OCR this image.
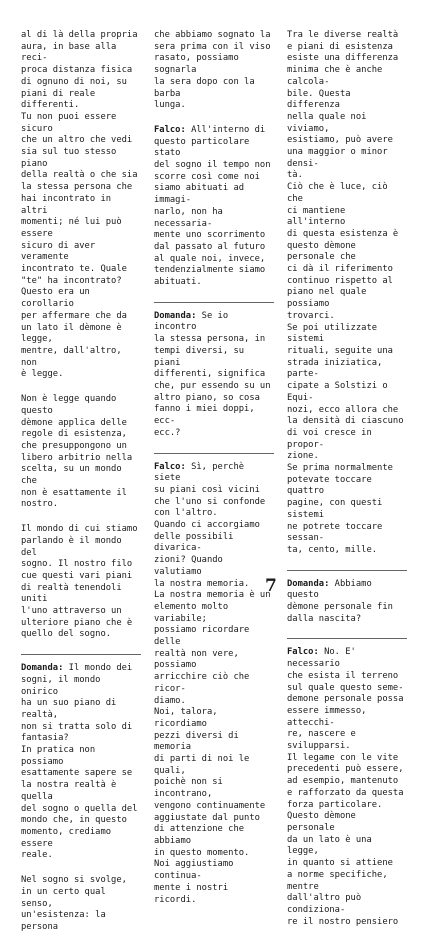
al di là della propria
aura, in base alla reci-
proca distanza fisica
di ognuno di noi, su
piani di reale differenti.
Tu non puoi essere sicuro
che un altro che vedi
sia sul tuo stesso piano
della realtà o che sia
la stessa persona che
hai incontrato in altri
momenti; né lui può essere
sicuro di aver veramente
incontrato te. Quale
"te" ha incontrato?
Questo era un corollario
per affermare che da
un lato il dèmone è legge,
mentre, dall'altro, non
è legge.

Non è legge quando questo
dèmone applica delle
regole di esistenza,
che presuppongono un
libero arbitrio nella
scelta, su un mondo che
non è esattamente il
nostro.

Il mondo di cui stiamo
parlando è il mondo del
sogno. Il nostro filo
cue questi vari piani
di realtà tenendoli uniti
l'uno attraverso un
ulteriore piano che è
quello del sogno.

Domanda: Il mondo dei
sogni, il mondo onirico
ha un suo piano di realtà,
non si tratta solo di
fantasia?

In pratica non possiamo
esattamente sapere se
la nostra realtà è quella
del sogno o quella del
mondo che, in questo
momento, crediamo essere
reale.

Nel sogno si svolge,
in un certo qual senso,
un'esistenza: la persona

che abbiamo sognato la
sera prima con il viso
rasato, possiamo sognarla
la sera dopo con la barba
lunga.

Falco: All'interno di
questo particolare stato
del sogno il tempo non
scorre così come noi
siamo abituati ad immagi-
narlo, non ha necessaria-
mente uno scorrimento
dal passato al futuro
al quale noi, invece,
tendenzialmente siamo
abituati.

Domanda: Se io incontro
la stessa persona, in
tempi diversi, su piani
differenti, significa
che, pur essendo su un
altro piano, so cosa
fanno i miei doppi, ecc-
ecc.?

Falco: Sì, perchè siete
su piani così vicini
che l'uno si confonde
con l'altro.

Quando ci accorgiamo
delle possibili divarica-
zioni? Quando valutiamo
la nostra memoria.

La nostra memoria è un
elemento molto variabile;
possiamo ricordare delle
realtà non vere, possiamo
arricchire ciò che ricor-
diamo.

Noi, talora, ricordiamo
pezzi diversi di memoria
di parti di noi le quali,
poichè non si incontrano,
vengono continuamente
aggiustate dal punto
di attenzione che abbiamo
in questo momento.

Noi aggiustiamo continua-
mente i nostri ricordi.

Tra le diverse realtà
e piani di esistenza
esiste una differenza
minima che è anche calcola-
bile. Questa differenza
nella quale noi viviamo,
esistiamo, può avere
una maggior o minor densi-
tà.

Ciò che è luce, ciò che
ci mantiene all'interno
di questa esistenza è
questo dèmone personale che
ci dà il riferimento
continuo rispetto al
piano nel quale possiamo
trovarci.

Se poi utilizzate sistemi
rituali, seguite una
strada iniziatica, parte-
cipate a Solstizi o Equi-
nozi, ecco allora che
la densità di ciascuno
di voi cresce in propor-
zione.

Se prima normalmente
potevate toccare quattro
pagine, con questi sistemi
ne potrete toccare sessan-
ta, cento, mille.

Domanda: Abbiamo questo
dèmone personale fin
dalla nascita?

Falco: No. E' necessario
che esista il terreno
sul quale questo seme-
demone personale possa
essere immesso, attecchi-
re, nascere e svilupparsi.
Il legame con le vite
precedenti può essere,
ad esempio, mantenuto
e rafforzato da questa
forza particolare.

Questo dèmone personale
da un lato è una legge,
in quanto si attiene
a norme specifiche, mentre
dall'altro può condiziona-
re il nostro pensiero

7
